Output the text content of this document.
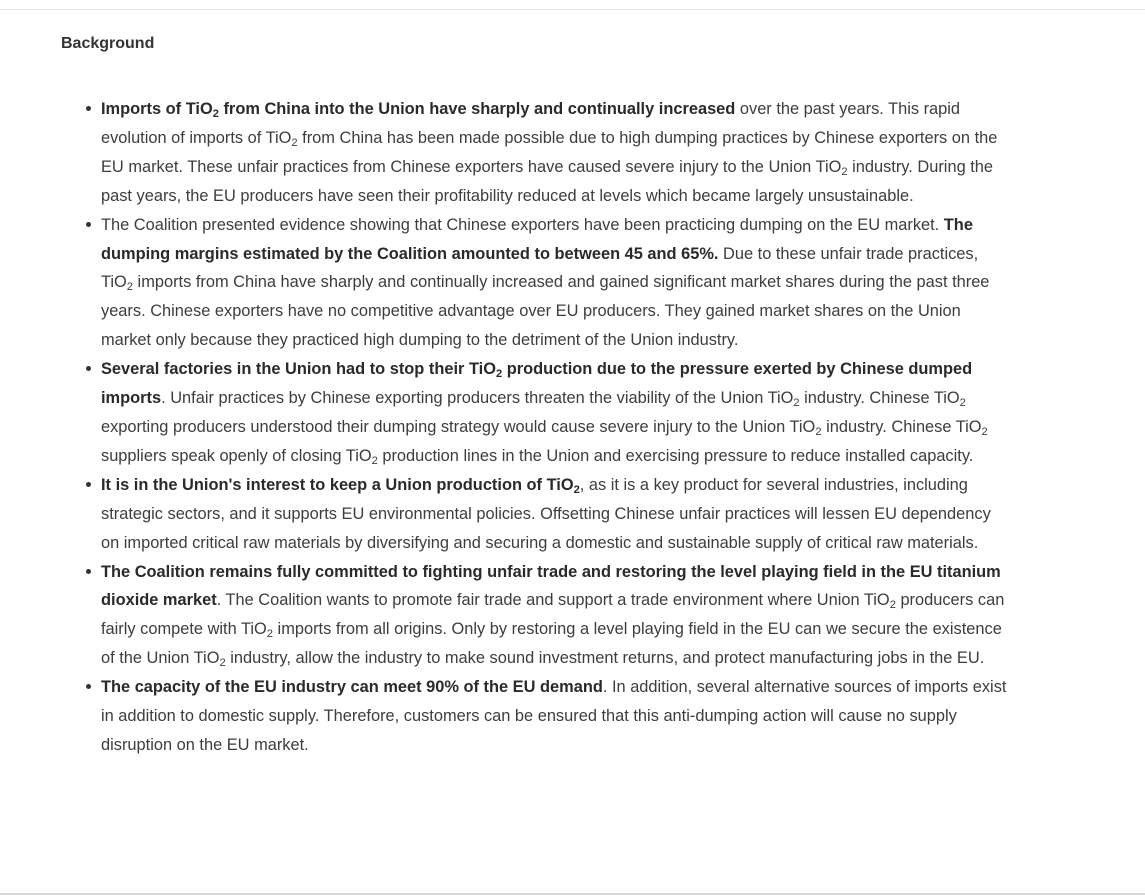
Background
Imports of TiO$_2$ from China into the Union have sharply and continually increased over the past years. This rapid evolution of imports of TiO$_2$ from China has been made possible due to high dumping practices by Chinese exporters on the EU market. These unfair practices from Chinese exporters have caused severe injury to the Union TiO$_2$ industry. During the past years, the EU producers have seen their profitability reduced at levels which became largely unsustainable.
The Coalition presented evidence showing that Chinese exporters have been practicing dumping on the EU market. The dumping margins estimated by the Coalition amounted to between 45 and 65%. Due to these unfair trade practices, TiO$_2$ imports from China have sharply and continually increased and gained significant market shares during the past three years. Chinese exporters have no competitive advantage over EU producers. They gained market shares on the Union market only because they practiced high dumping to the detriment of the Union industry.
Several factories in the Union had to stop their TiO$_2$ production due to the pressure exerted by Chinese dumped imports. Unfair practices by Chinese exporting producers threaten the viability of the Union TiO$_2$ industry. Chinese TiO$_2$ exporting producers understood their dumping strategy would cause severe injury to the Union TiO$_2$ industry. Chinese TiO$_2$ suppliers speak openly of closing TiO$_2$ production lines in the Union and exercising pressure to reduce installed capacity.
It is in the Union's interest to keep a Union production of TiO$_2$, as it is a key product for several industries, including strategic sectors, and it supports EU environmental policies. Offsetting Chinese unfair practices will lessen EU dependency on imported critical raw materials by diversifying and securing a domestic and sustainable supply of critical raw materials.
The Coalition remains fully committed to fighting unfair trade and restoring the level playing field in the EU titanium dioxide market. The Coalition wants to promote fair trade and support a trade environment where Union TiO$_2$ producers can fairly compete with TiO$_2$ imports from all origins. Only by restoring a level playing field in the EU can we secure the existence of the Union TiO$_2$ industry, allow the industry to make sound investment returns, and protect manufacturing jobs in the EU.
The capacity of the EU industry can meet 90% of the EU demand. In addition, several alternative sources of imports exist in addition to domestic supply. Therefore, customers can be ensured that this anti-dumping action will cause no supply disruption on the EU market.
